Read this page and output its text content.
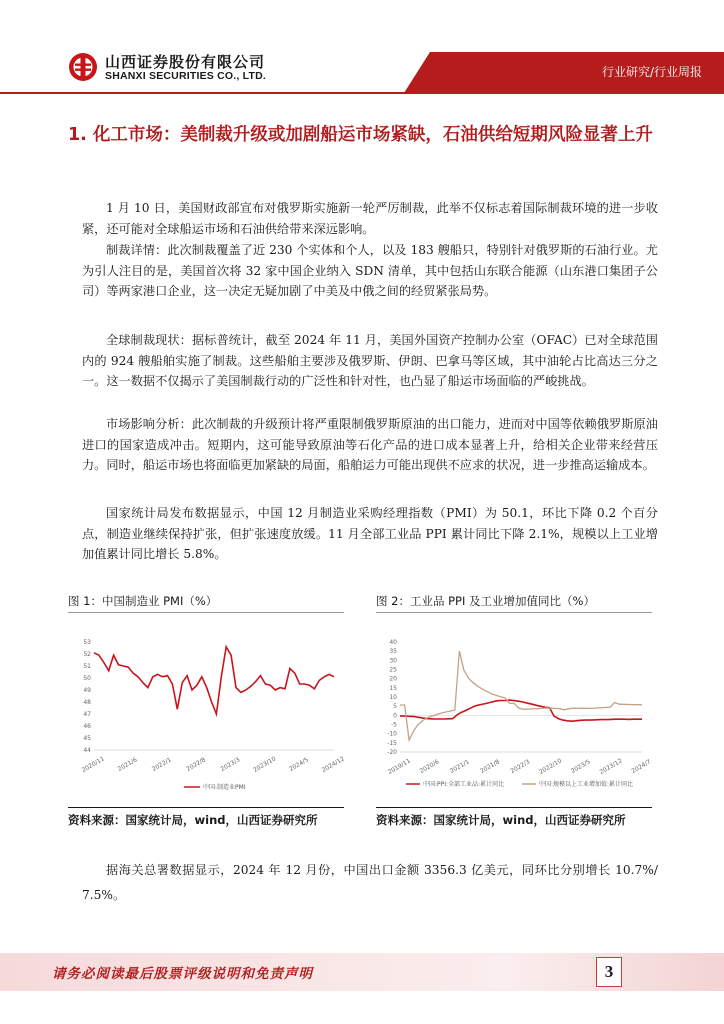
山西证券股份有限公司
SHANXI SECURITIES CO., LTD.	行业研究/行业周报
1. 化工市场：美制裁升级或加剧船运市场紧缺，石油供给短期风险显著上升

1 月 10 日，美国财政部宣布对俄罗斯实施新一轮严厉制裁，此举不仅标志着国际制裁环境的进一步收紧，还可能对全球船运市场和石油供给带来深远影响。

制裁详情：此次制裁覆盖了近 230 个实体和个人，以及 183 艘船只，特别针对俄罗斯的石油行业。尤为引人注目的是，美国首次将 32 家中国企业纳入 SDN 清单，其中包括山东联合能源（山东港口集团子公司）等两家港口企业，这一决定无疑加剧了中美及中俄之间的经贸紧张局势。

全球制裁现状：据标普统计，截至 2024 年 11 月，美国外国资产控制办公室（OFAC）已对全球范围内的 924 艘船舶实施了制裁。这些船舶主要涉及俄罗斯、伊朗、巴拿马等区域，其中油轮占比高达三分之一。这一数据不仅揭示了美国制裁行动的广泛性和针对性，也凸显了船运市场面临的严峻挑战。

市场影响分析：此次制裁的升级预计将严重限制俄罗斯原油的出口能力，进而对中国等依赖俄罗斯原油进口的国家造成冲击。短期内，这可能导致原油等石化产品的进口成本显著上升，给相关企业带来经营压力。同时，船运市场也将面临更加紧缺的局面，船舶运力可能出现供不应求的状况，进一步推高运输成本。

国家统计局发布数据显示，中国 12 月制造业采购经理指数（PMI）为 50.1，环比下降 0.2 个百分点，制造业继续保持扩张，但扩张速度放缓。11 月全部工业品 PPI 累计同比下降 2.1%，规模以上工业增加值累计同比增长 5.8%。

图 1：中国制造业 PMI（%）
53
52
51
50
49
48
47
46
45
44
2020/11 2021/6 2022/1 2022/8 2023/3 2023/10 2024/5 2024/12
中国:制造业PMI
资料来源：国家统计局，wind，山西证券研究所
图 2：工业品 PPI 及工业增加值同比（%）
40
35
30
25
20
15
10
5
0
-5
-10
-15
-20
2019/11 2020/6 2021/1 2021/8 2022/3 2022/10 2023/5 2023/12 2024/7
中国:PPI:全部工业品:累计同比	中国:规模以上工业增加值:累计同比
资料来源：国家统计局，wind，山西证券研究所

据海关总署数据显示，2024 年 12 月份，中国出口金额 3356.3 亿美元，同环比分别增长 10.7%/ 7.5%。

请务必阅读最后股票评级说明和免责声明	3
